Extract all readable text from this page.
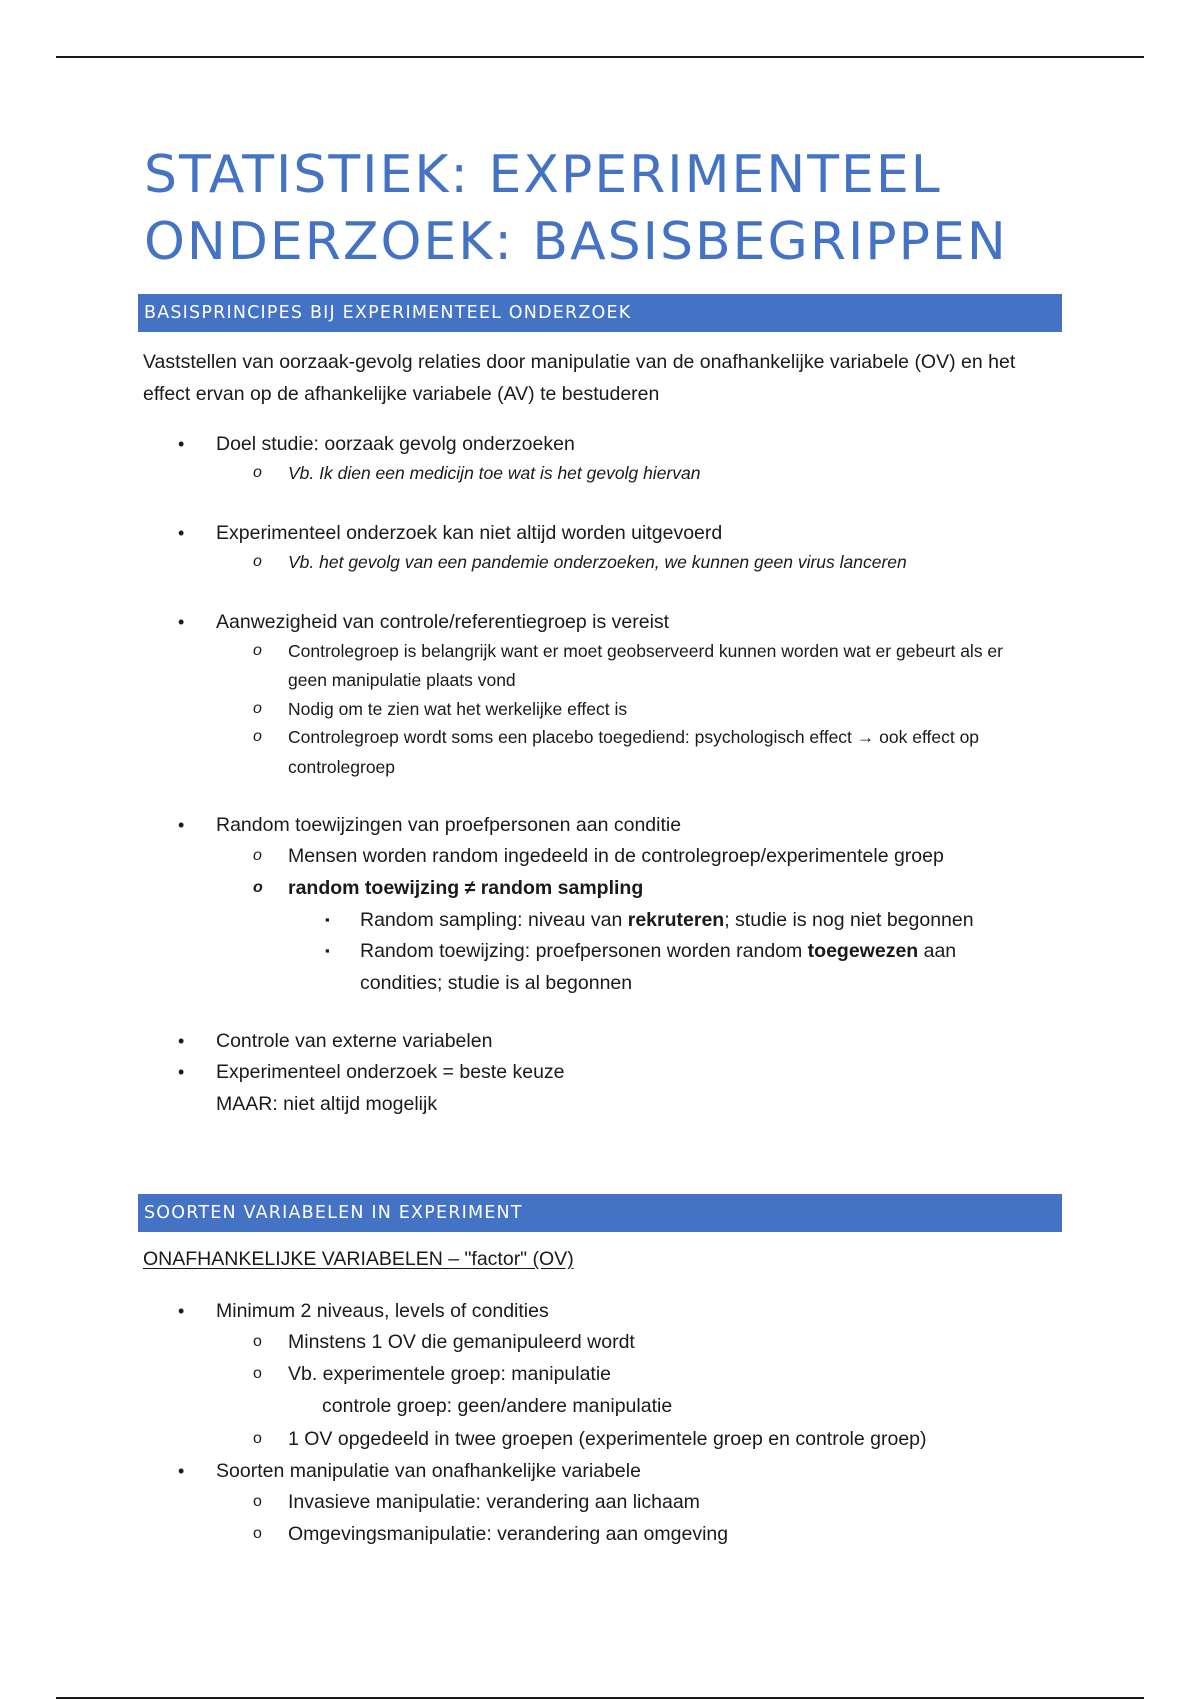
STATISTIEK: EXPERIMENTEEL
ONDERZOEK: BASISBEGRIPPEN
BASISPRINCIPES BIJ EXPERIMENTEEL ONDERZOEK
Vaststellen van oorzaak-gevolg relaties door manipulatie van de onafhankelijke variabele (OV) en het
effect ervan op de afhankelijke variabele (AV) te bestuderen
• Doel studie: oorzaak gevolg onderzoeken
o Vb. Ik dien een medicijn toe wat is het gevolg hiervan
• Experimenteel onderzoek kan niet altijd worden uitgevoerd
o Vb. het gevolg van een pandemie onderzoeken, we kunnen geen virus lanceren
• Aanwezigheid van controle/referentiegroep is vereist
o Controlegroep is belangrijk want er moet geobserveerd kunnen worden wat er gebeurt als er
geen manipulatie plaats vond
o Nodig om te zien wat het werkelijke effect is
o Controlegroep wordt soms een placebo toegediend: psychologisch effect → ook effect op
controlegroep
• Random toewijzingen van proefpersonen aan conditie
o Mensen worden random ingedeeld in de controlegroep/experimentele groep
o random toewijzing ≠ random sampling
▪ Random sampling: niveau van rekruteren; studie is nog niet begonnen
▪ Random toewijzing: proefpersonen worden random toegewezen aan
condities; studie is al begonnen
• Controle van externe variabelen
• Experimenteel onderzoek = beste keuze
MAAR: niet altijd mogelijk
SOORTEN VARIABELEN IN EXPERIMENT
ONAFHANKELIJKE VARIABELEN – "factor" (OV)
• Minimum 2 niveaus, levels of condities
o Minstens 1 OV die gemanipuleerd wordt
o Vb. experimentele groep: manipulatie
controle groep: geen/andere manipulatie
o 1 OV opgedeeld in twee groepen (experimentele groep en controle groep)
• Soorten manipulatie van onafhankelijke variabele
o Invasieve manipulatie: verandering aan lichaam
o Omgevingsmanipulatie: verandering aan omgeving
